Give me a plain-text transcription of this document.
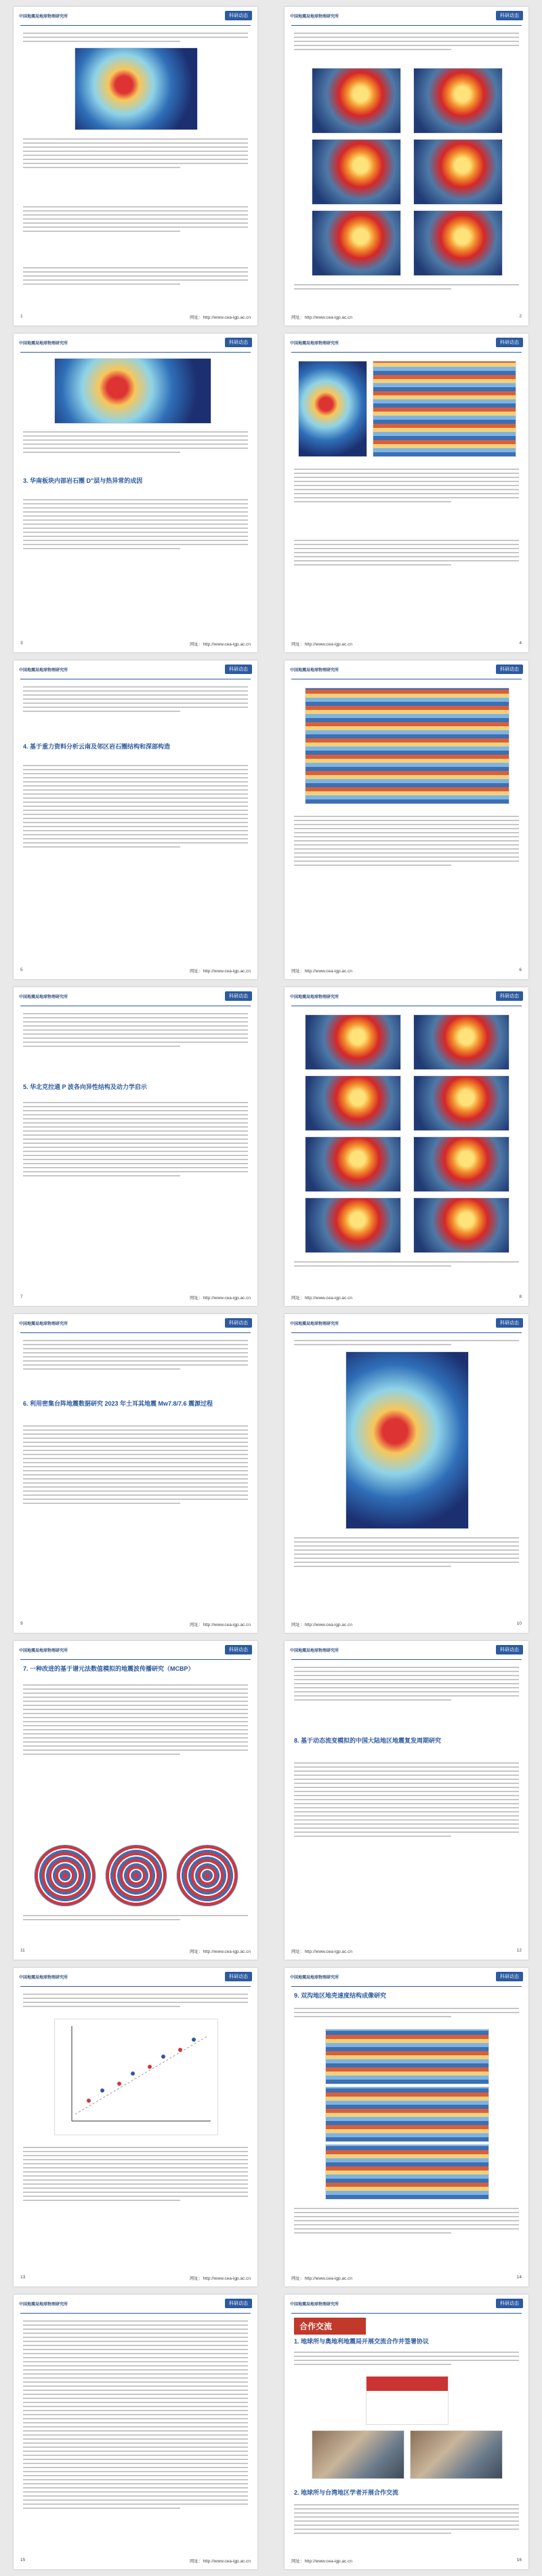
中国地震局地球物理研究所	科研动态
1	网址：http://www.cea-igp.ac.cn
中国地震局地球物理研究所	科研动态
网址：http://www.cea-igp.ac.cn	2
中国地震局地球物理研究所	科研动态
3. 华南板块内部岩石圈 D''层与热异常的成因
3	网址：http://www.cea-igp.ac.cn
中国地震局地球物理研究所	科研动态
网址：http://www.cea-igp.ac.cn	4
中国地震局地球物理研究所	科研动态
4. 基于重力资料分析云南及邻区岩石圈结构和深部构造
5	网址：http://www.cea-igp.ac.cn
中国地震局地球物理研究所	科研动态
网址：http://www.cea-igp.ac.cn	6
中国地震局地球物理研究所	科研动态
5. 华北克拉通 P 波各向异性结构及动力学启示
7	网址：http://www.cea-igp.ac.cn
中国地震局地球物理研究所	科研动态
网址：http://www.cea-igp.ac.cn	8
中国地震局地球物理研究所	科研动态
6. 利用密集台阵地震数据研究 2023 年土耳其地震 Mw7.8/7.6 震源过程
9	网址：http://www.cea-igp.ac.cn
中国地震局地球物理研究所	科研动态
网址：http://www.cea-igp.ac.cn	10
中国地震局地球物理研究所	科研动态
7. 一种改进的基于谱元法数值模拟的地震波传播研究（MCBP）
11	网址：http://www.cea-igp.ac.cn
中国地震局地球物理研究所	科研动态
8. 基于动态流变模拟的中国大陆地区地震复发周期研究
网址：http://www.cea-igp.ac.cn	12
中国地震局地球物理研究所	科研动态
13	网址：http://www.cea-igp.ac.cn
中国地震局地球物理研究所	科研动态
9. 双沟地区地壳速度结构成像研究
网址：http://www.cea-igp.ac.cn	14
中国地震局地球物理研究所	科研动态
15	网址：http://www.cea-igp.ac.cn
中国地震局地球物理研究所	科研动态
合作交流
1. 地球所与奥地利地震局开展交流合作并签署协议
2. 地球所与台湾地区学者开展合作交流
网址：http://www.cea-igp.ac.cn	16
